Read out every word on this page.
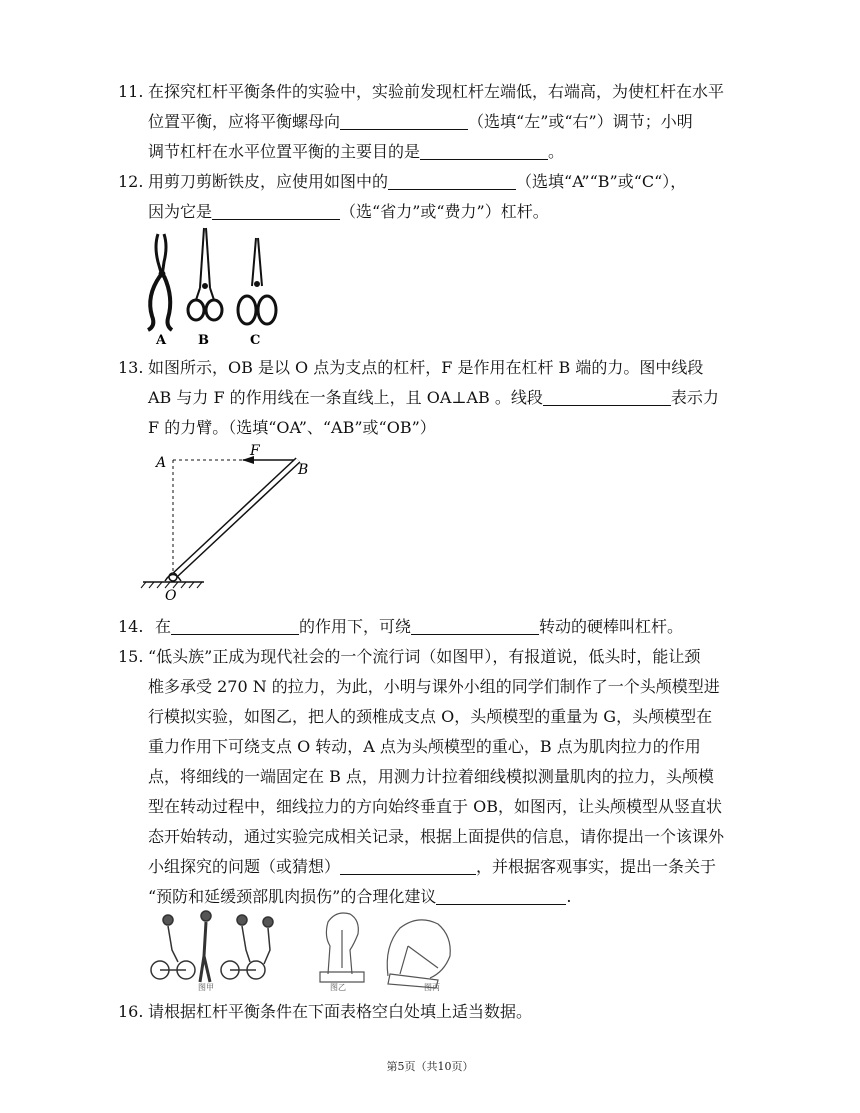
11. 在探究杠杆平衡条件的实验中，实验前发现杠杆左端低，右端高，为使杠杆在水平
位置平衡，应将平衡螺母向	（选填“左”或“右”）调节；小明
调节杠杆在水平位置平衡的主要目的是	。
12. 用剪刀剪断铁皮，应使用如图中的	（选填“A”“B”或“C“），
因为它是	（选“省力”或“费力”）杠杆。
A B	C
13. 如图所示，OB 是以 O 点为支点的杠杆，F 是作用在杠杆 B 端的力。图中线段
AB 与力 F 的作用线在一条直线上，且 OA⊥AB 。线段	表示力
F 的力臂。（选填“OA”、“AB”或“OB”）
A
F
B
O
14. 在	的作用下，可绕	转动的硬棒叫杠杆。
15. “低头族”正成为现代社会的一个流行词（如图甲），有报道说，低头时，能让颈
椎多承受 270 N 的拉力，为此，小明与课外小组的同学们制作了一个头颅模型进
行模拟实验，如图乙，把人的颈椎成支点 O，头颅模型的重量为 G，头颅模型在
重力作用下可绕支点 O 转动，A 点为头颅模型的重心，B 点为肌肉拉力的作用
点，将细线的一端固定在 B 点，用测力计拉着细线模拟测量肌肉的拉力，头颅模
型在转动过程中，细线拉力的方向始终垂直于 OB，如图丙，让头颅模型从竖直状
态开始转动，通过实验完成相关记录，根据上面提供的信息，请你提出一个该课外
小组探究的问题（或猜想）	，并根据客观事实，提出一条关于
“预防和延缓颈部肌肉损伤”的合理化建议	.
图甲	图乙	图丙
16. 请根据杠杆平衡条件在下面表格空白处填上适当数据。
第5页（共10页）
